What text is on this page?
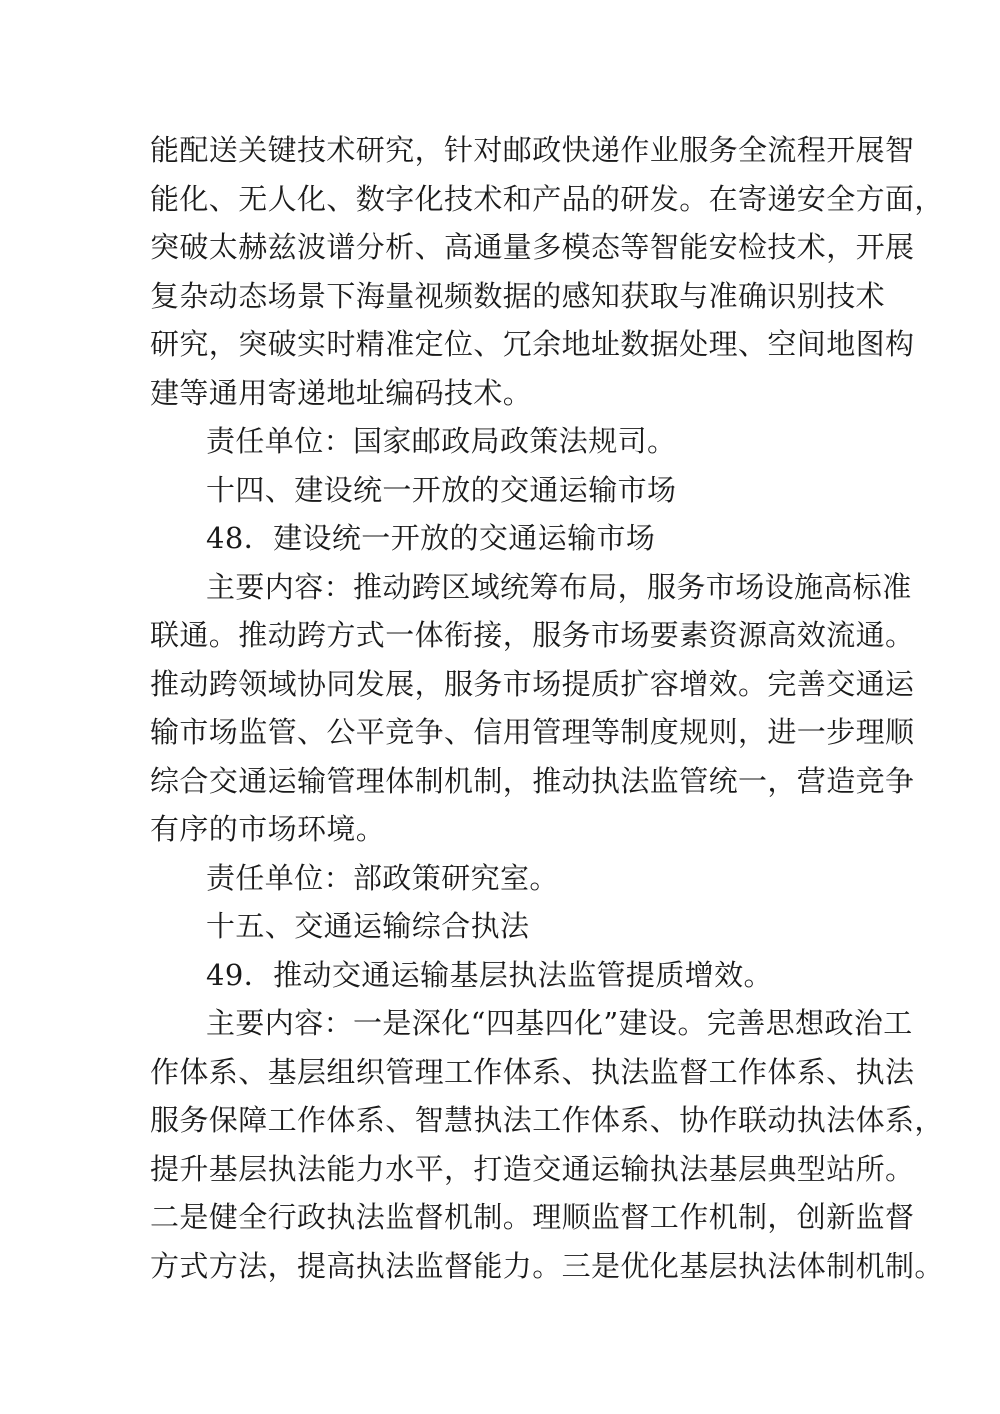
能配送关键技术研究，针对邮政快递作业服务全流程开展智
能化、无人化、数字化技术和产品的研发。在寄递安全方面，
突破太赫兹波谱分析、高通量多模态等智能安检技术，开展
复杂动态场景下海量视频数据的感知获取与准确识别技术
研究，突破实时精准定位、冗余地址数据处理、空间地图构
建等通用寄递地址编码技术。
责任单位：国家邮政局政策法规司。
十四、建设统一开放的交通运输市场
48．建设统一开放的交通运输市场
主要内容：推动跨区域统筹布局，服务市场设施高标准
联通。推动跨方式一体衔接，服务市场要素资源高效流通。
推动跨领域协同发展，服务市场提质扩容增效。完善交通运
输市场监管、公平竞争、信用管理等制度规则，进一步理顺
综合交通运输管理体制机制，推动执法监管统一，营造竞争
有序的市场环境。
责任单位：部政策研究室。
十五、交通运输综合执法
49．推动交通运输基层执法监管提质增效。
主要内容：一是深化“四基四化”建设。完善思想政治工
作体系、基层组织管理工作体系、执法监督工作体系、执法
服务保障工作体系、智慧执法工作体系、协作联动执法体系，
提升基层执法能力水平，打造交通运输执法基层典型站所。
二是健全行政执法监督机制。理顺监督工作机制，创新监督
方式方法，提高执法监督能力。三是优化基层执法体制机制。
